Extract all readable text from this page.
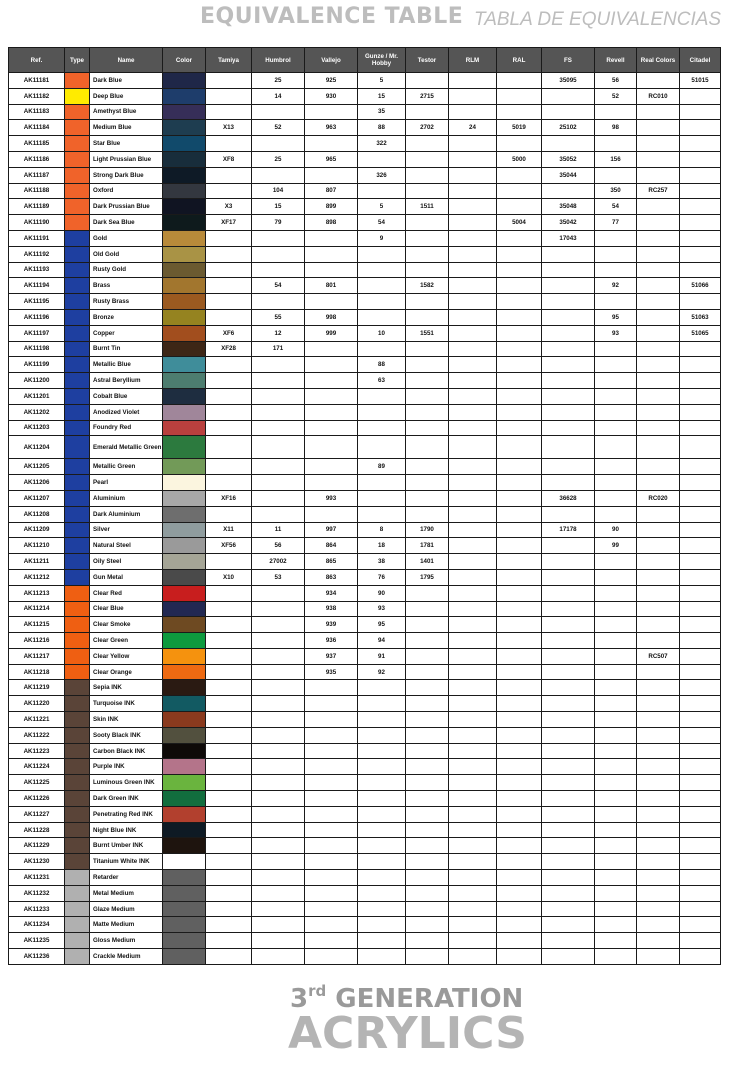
EQUIVALENCE TABLE TABLA DE EQUIVALENCIAS
Ref.	Type	Name	Color	Tamiya	Humbrol	Vallejo	Gunze / Mr. Hobby	Testor	RLM	RAL	FS	Revell	Real Colors	Citadel
AK11181		Dark Blue			25	925	5				35095	56		51015
AK11182		Deep Blue			14	930	15	2715				52	RC010	
AK11183		Amethyst Blue					35							
AK11184		Medium Blue		X13	52	963	88	2702	24	5019	25102	98		
AK11185		Star Blue					322							
AK11186		Light Prussian Blue		XF8	25	965				5000	35052	156		
AK11187		Strong Dark Blue					326				35044			
AK11188		Oxford			104	807						350	RC257	
AK11189		Dark Prussian Blue		X3	15	899	5	1511			35048	54		
AK11190		Dark Sea Blue		XF17	79	898	54			5004	35042	77		
AK11191		Gold					9				17043			
AK11192		Old Gold												
AK11193		Rusty Gold												
AK11194		Brass			54	801		1582				92		51066
AK11195		Rusty Brass												
AK11196		Bronze			55	998						95		51063
AK11197		Copper		XF6	12	999	10	1551				93		51065
AK11198		Burnt Tin		XF28	171									
AK11199		Metallic Blue					88							
AK11200		Astral Beryllium					63							
AK11201		Cobalt Blue												
AK11202		Anodized Violet												
AK11203		Foundry Red												
AK11204		Emerald Metallic Green												
AK11205		Metallic Green					89							
AK11206		Pearl												
AK11207		Aluminium		XF16		993					36628		RC020	
AK11208		Dark Aluminium												
AK11209		Silver		X11	11	997	8	1790			17178	90		
AK11210		Natural Steel		XF56	56	864	18	1781				99		
AK11211		Oily Steel			27002	865	38	1401						
AK11212		Gun Metal		X10	53	863	76	1795						
AK11213		Clear Red				934	90							
AK11214		Clear Blue				938	93							
AK11215		Clear Smoke				939	95							
AK11216		Clear Green				936	94							
AK11217		Clear Yellow				937	91						RC507	
AK11218		Clear Orange				935	92							
AK11219		Sepia INK												
AK11220		Turquoise INK												
AK11221		Skin INK												
AK11222		Sooty Black INK												
AK11223		Carbon Black INK												
AK11224		Purple INK												
AK11225		Luminous Green INK												
AK11226		Dark Green INK												
AK11227		Penetrating Red INK												
AK11228		Night Blue INK												
AK11229		Burnt Umber INK												
AK11230		Titanium White INK												
AK11231		Retarder												
AK11232		Metal Medium												
AK11233		Glaze Medium												
AK11234		Matte Medium												
AK11235		Gloss Medium												
AK11236		Crackle Medium												
3rd GENERATION
ACRYLICS
